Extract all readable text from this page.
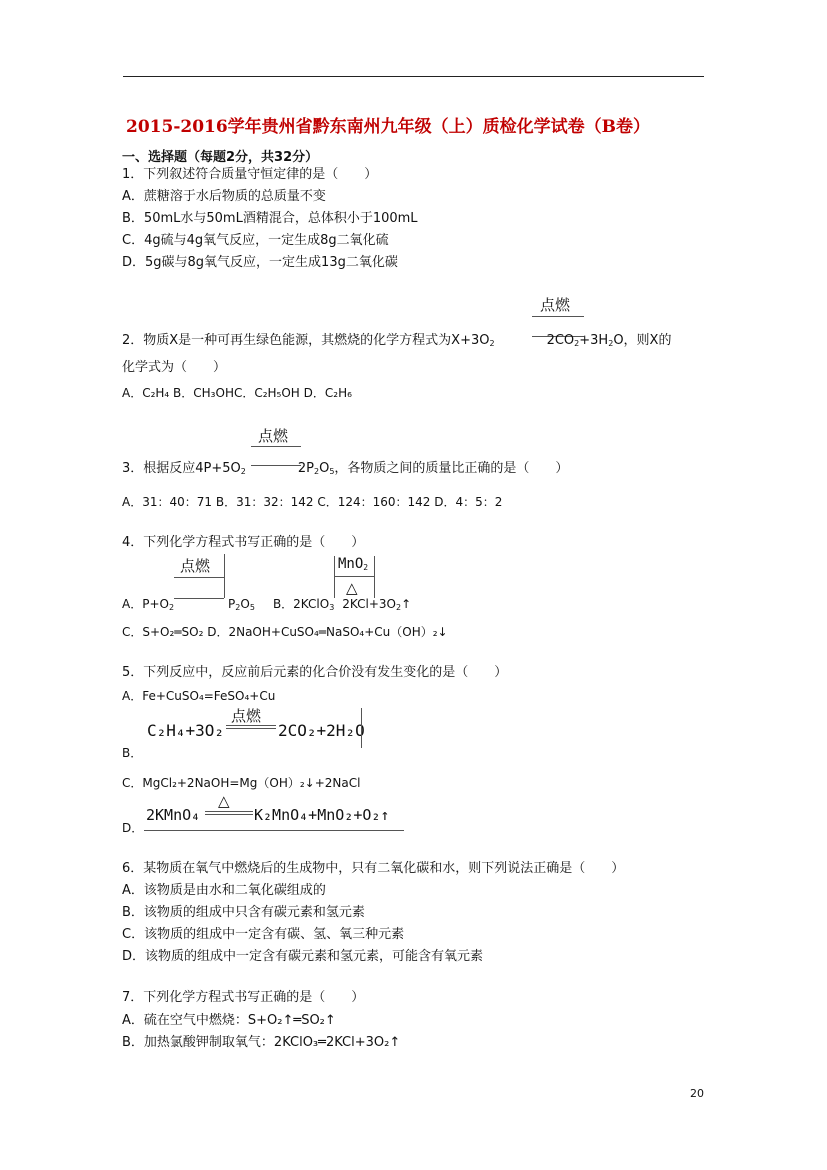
2015-2016学年贵州省黔东南州九年级（上）质检化学试卷（B卷）
一、选择题（每题2分，共32分）
1．下列叙述符合质量守恒定律的是（　　）
A．蔗糖溶于水后物质的总质量不变
B．50mL水与50mL酒精混合，总体积小于100mL
C．4g硫与4g氧气反应，一定生成8g二氧化硫
D．5g碳与8g氧气反应，一定生成13g二氧化碳
点燃
2．物质X是一种可再生绿色能源，其燃烧的化学方程式为$X+3O_2$	$2CO_2+3H_2O$，则X的
化学式为（　　）
A．C₂H₄ B．CH₃OHC．C₂H₅OH D．C₂H₆
点燃
3．根据反应$4P+5O_2$	$2P_2O_5$，各物质之间的质量比正确的是（　　）
A．31：40：71 B．31：32：142 C．124：160：142 D．4：5：2
4．下列化学方程式书写正确的是（　　）
点燃	MnO$_2$
△
A．$P+O_2$	$P_2O_5$ B．2KClO$_3$ $2KCl+3O_2↑$
C．S+O₂═SO₂ D．2NaOH+CuSO₄═NaSO₄+Cu（OH）₂↓
5．下列反应中，反应前后元素的化合价没有发生变化的是（　　）
A．Fe+CuSO₄=FeSO₄+Cu
点燃
C₂H₄+3O₂	2CO₂+2H₂O
B．
C．MgCl₂+2NaOH=Mg（OH）₂↓+2NaCl
△
2KMnO₄	K₂MnO₄+MnO₂+O₂↑
D．
6．某物质在氧气中燃烧后的生成物中，只有二氧化碳和水，则下列说法正确是（　　）
A．该物质是由水和二氧化碳组成的
B．该物质的组成中只含有碳元素和氢元素
C．该物质的组成中一定含有碳、氢、氧三种元素
D．该物质的组成中一定含有碳元素和氢元素，可能含有氧元素
7．下列化学方程式书写正确的是（　　）
A．硫在空气中燃烧：S+O₂↑═SO₂↑
B．加热氯酸钾制取氧气：2KClO₃═2KCl+3O₂↑
20
